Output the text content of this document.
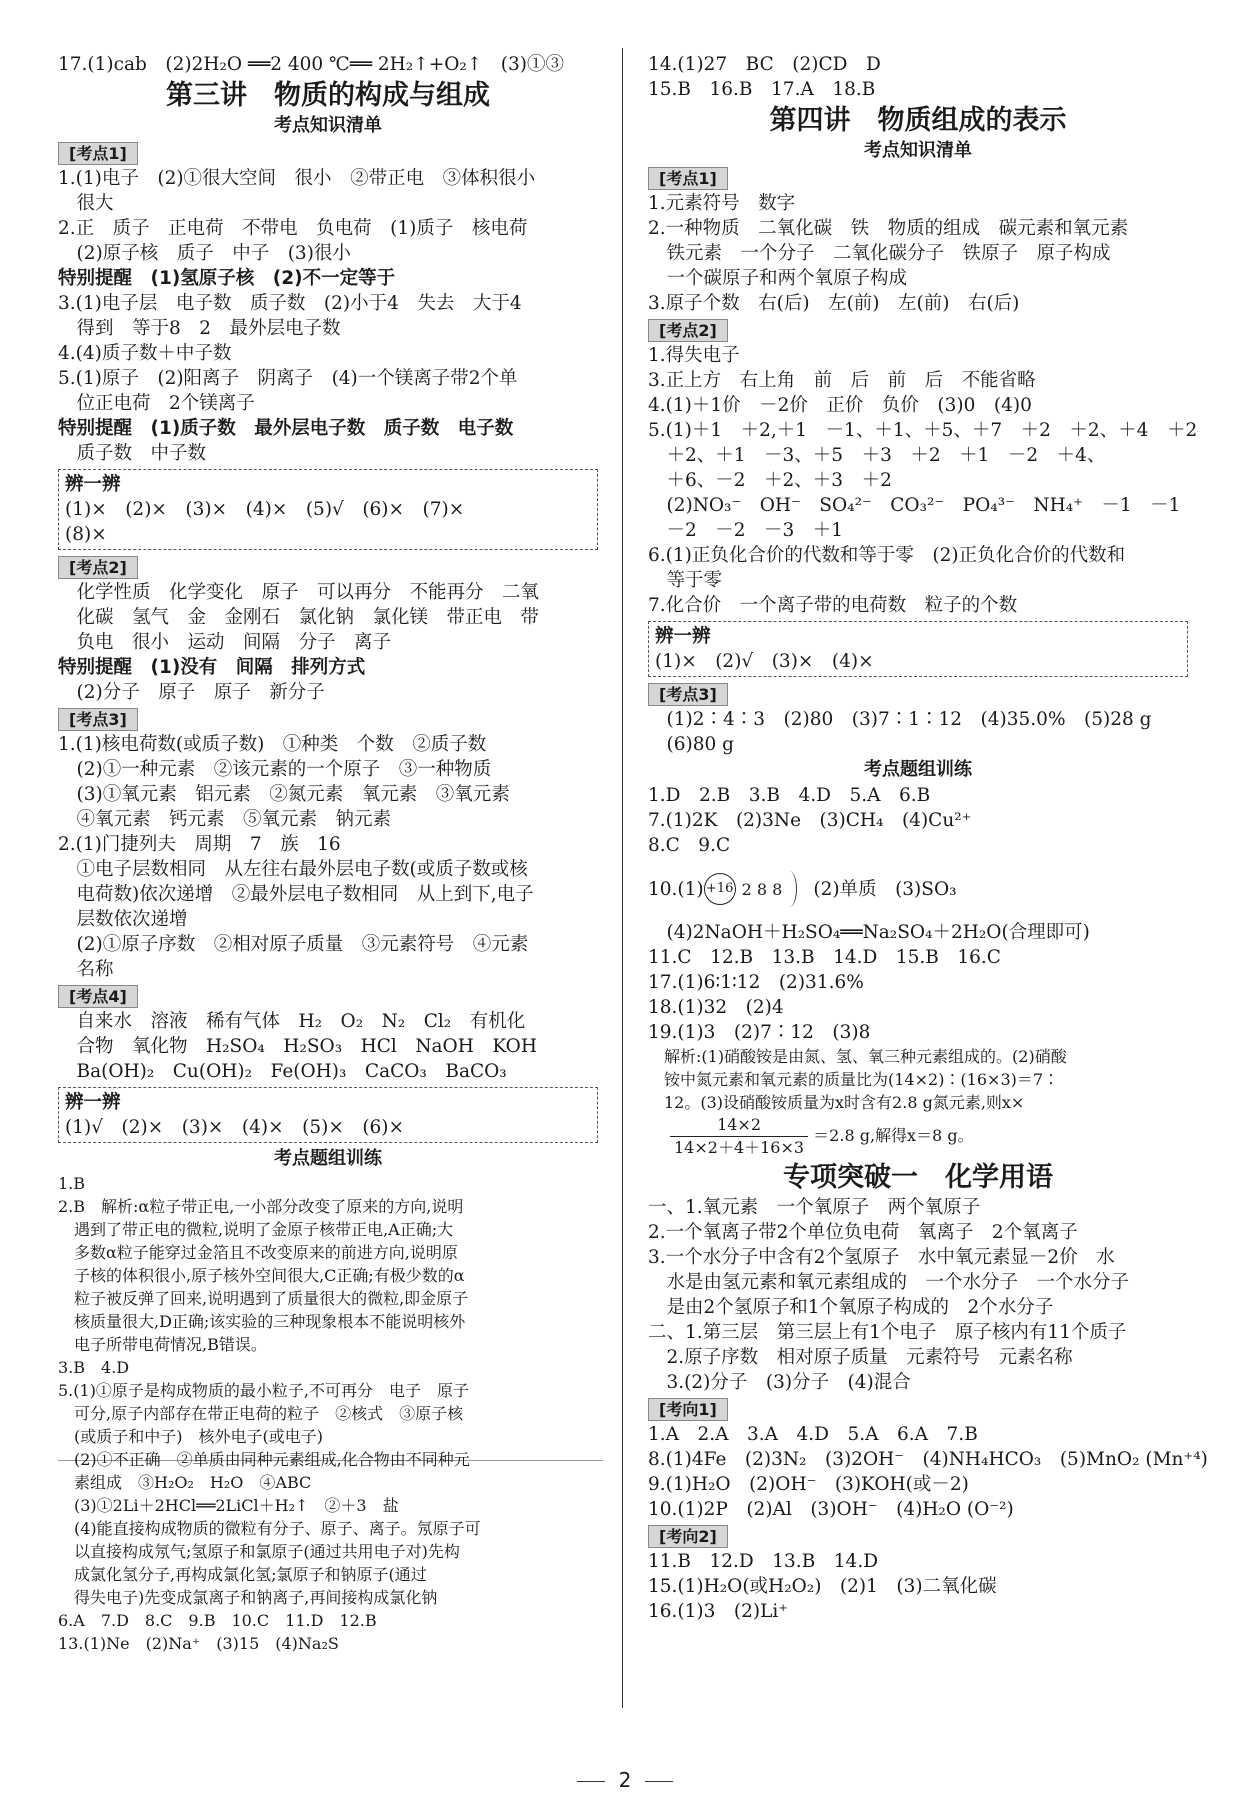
17.(1)cab　(2)2H₂O ══2 400 ℃══ 2H₂↑+O₂↑　(3)①③
第三讲　物质的构成与组成
考点知识清单
[考点1]
1.(1)电子　(2)①很大空间　很小　②带正电　③体积很小
　很大
2.正　质子　正电荷　不带电　负电荷　(1)质子　核电荷
　(2)原子核　质子　中子　(3)很小
特别提醒　(1)氢原子核　(2)不一定等于
3.(1)电子层　电子数　质子数　(2)小于4　失去　大于4
　得到　等于8　2　最外层电子数
4.(4)质子数＋中子数
5.(1)原子　(2)阳离子　阴离子　(4)一个镁离子带2个单
　位正电荷　2个镁离子
特别提醒　(1)质子数　最外层电子数　质子数　电子数
　质子数　中子数
辨一辨
(1)×　(2)×　(3)×　(4)×　(5)√　(6)×　(7)×
(8)×
[考点2]
　化学性质　化学变化　原子　可以再分　不能再分　二氧
　化碳　氢气　金　金刚石　氯化钠　氯化镁　带正电　带
　负电　很小　运动　间隔　分子　离子
特别提醒　(1)没有　间隔　排列方式
　(2)分子　原子　原子　新分子
[考点3]
1.(1)核电荷数(或质子数)　①种类　个数　②质子数
　(2)①一种元素　②该元素的一个原子　③一种物质
　(3)①氧元素　铝元素　②氮元素　氧元素　③氧元素
　④氧元素　钙元素　⑤氧元素　钠元素
2.(1)门捷列夫　周期　7　族　16
　①电子层数相同　从左往右最外层电子数(或质子数或核
　电荷数)依次递增　②最外层电子数相同　从上到下,电子
　层数依次递增
　(2)①原子序数　②相对原子质量　③元素符号　④元素
　名称
[考点4]
　自来水　溶液　稀有气体　H₂　O₂　N₂　Cl₂　有机化
　合物　氧化物　H₂SO₄　H₂SO₃　HCl　NaOH　KOH
　Ba(OH)₂　Cu(OH)₂　Fe(OH)₃　CaCO₃　BaCO₃
辨一辨
(1)√　(2)×　(3)×　(4)×　(5)×　(6)×
考点题组训练
1.B
2.B　解析:α粒子带正电,一小部分改变了原来的方向,说明
　遇到了带正电的微粒,说明了金原子核带正电,A正确;大
　多数α粒子能穿过金箔且不改变原来的前进方向,说明原
　子核的体积很小,原子核外空间很大,C正确;有极少数的α
　粒子被反弹了回来,说明遇到了质量很大的微粒,即金原子
　核质量很大,D正确;该实验的三种现象根本不能说明核外
　电子所带电荷情况,B错误。
3.B　4.D
5.(1)①原子是构成物质的最小粒子,不可再分　电子　原子
　可分,原子内部存在带正电荷的粒子　②核式　③原子核
　(或质子和中子)　核外电子(或电子)
　(2)①不正确　②单质由同种元素组成,化合物由不同种元
　素组成　③H₂O₂　H₂O　④ABC
　(3)①2Li＋2HCl══2LiCl＋H₂↑　②＋3　盐
　(4)能直接构成物质的微粒有分子、原子、离子。氖原子可
　以直接构成氖气;氢原子和氯原子(通过共用电子对)先构
　成氯化氢分子,再构成氯化氢;氯原子和钠原子(通过
　得失电子)先变成氯离子和钠离子,再间接构成氯化钠
6.A　7.D　8.C　9.B　10.C　11.D　12.B
13.(1)Ne　(2)Na⁺　(3)15　(4)Na₂S
14.(1)27　BC　(2)CD　D
15.B　16.B　17.A　18.B
第四讲　物质组成的表示
考点知识清单
[考点1]
1.元素符号　数字
2.一种物质　二氧化碳　铁　物质的组成　碳元素和氧元素
　铁元素　一个分子　二氧化碳分子　铁原子　原子构成
　一个碳原子和两个氧原子构成
3.原子个数　右(后)　左(前)　左(前)　右(后)
[考点2]
1.得失电子
3.正上方　右上角　前　后　前　后　不能省略
4.(1)＋1价　－2价　正价　负价　(3)0　(4)0
5.(1)＋1　＋2,＋1　－1、＋1、＋5、＋7　＋2　＋2、＋4　＋2
　＋2、＋1　－3、＋5　＋3　＋2　＋1　－2　＋4、
　＋6、－2　＋2、＋3　＋2
　(2)NO₃⁻　OH⁻　SO₄²⁻　CO₃²⁻　PO₄³⁻　NH₄⁺　－1　－1
　－2　－2　－3　＋1
6.(1)正负化合价的代数和等于零　(2)正负化合价的代数和
　等于零
7.化合价　一个离子带的电荷数　粒子的个数
辨一辨
(1)×　(2)√　(3)×　(4)×
[考点3]
　(1)2∶4∶3　(2)80　(3)7∶1∶12　(4)35.0%　(5)28 g
　(6)80 g
考点题组训练
1.D　2.B　3.B　4.D　5.A　6.B
7.(1)2K　(2)3Ne　(3)CH₄　(4)Cu²⁺
8.C　9.C
10.(1) +16 2 8 8 (2)单质　(3)SO₃
　(4)2NaOH＋H₂SO₄══Na₂SO₄＋2H₂O(合理即可)
11.C　12.B　13.B　14.D　15.B　16.C
17.(1)6∶1∶12　(2)31.6%
18.(1)32　(2)4
19.(1)3　(2)7∶12　(3)8
　解析:(1)硝酸铵是由氮、氢、氧三种元素组成的。(2)硝酸
　铵中氮元素和氧元素的质量比为(14×2)∶(16×3)＝7∶
　12。(3)设硝酸铵质量为x时含有2.8 g氮元素,则x×
$\frac{14\times 2}{14\times 2+4+16\times 3} =2.8$ g,解得x＝8 g。
专项突破一　化学用语
一、1.氧元素　一个氧原子　两个氧原子
2.一个氧离子带2个单位负电荷　氧离子　2个氧离子
3.一个水分子中含有2个氢原子　水中氧元素显－2价　水
　水是由氢元素和氧元素组成的　一个水分子　一个水分子
　是由2个氢原子和1个氧原子构成的　2个水分子
二、1.第三层　第三层上有1个电子　原子核内有11个质子
　2.原子序数　相对原子质量　元素符号　元素名称
　3.(2)分子　(3)分子　(4)混合
[考向1]
1.A　2.A　3.A　4.D　5.A　6.A　7.B
8.(1)4Fe　(2)3N₂　(3)2OH⁻　(4)NH₄HCO₃　(5)MnO₂ (Mn⁺⁴)
9.(1)H₂O　(2)OH⁻　(3)KOH(或－2)
10.(1)2P　(2)Al　(3)OH⁻　(4)H₂O (O⁻²)
[考向2]
11.B　12.D　13.B　14.D
15.(1)H₂O(或H₂O₂)　(2)1　(3)二氧化碳
16.(1)3　(2)Li⁺
2
